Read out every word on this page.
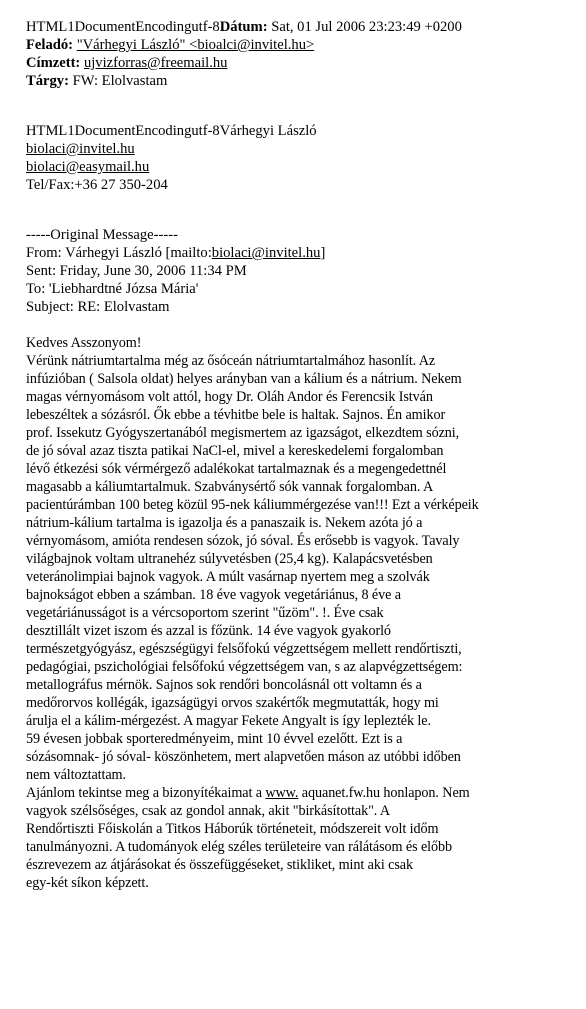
HTML1DocumentEncodingutf-8Dátum: Sat, 01 Jul 2006 23:23:49 +0200
Feladó: "Várhegyi László" <bioalci@invitel.hu>
Címzett: ujvizforras@freemail.hu
Tárgy: FW: Elolvastam
HTML1DocumentEncodingutf-8Várhegyi László
biolaci@invitel.hu
biolaci@easymail.hu
Tel/Fax:+36 27 350-204
-----Original Message-----
From: Várhegyi László [mailto:biolaci@invitel.hu]
Sent: Friday, June 30, 2006 11:34 PM
To: 'Liebhardtné Józsa Mária'
Subject: RE: Elolvastam
Kedves Asszonyom!
Vérünk nátriumtartalma még az ősóceán nátriumtartalmához hasonlít. Az
infúzióban ( Salsola oldat) helyes arányban van a kálium és a nátrium. Nekem
magas vérnyomásom volt attól, hogy Dr. Oláh Andor és Ferencsik István
lebeszéltek a sózásról. Ők ebbe a tévhitbe bele is haltak. Sajnos. Én amikor
prof. Issekutz Gyógyszertanából megismertem az igazságot, elkezdtem sózni,
de jó sóval azaz tiszta patikai NaCl-el, mivel a kereskedelemi forgalomban
lévő étkezési sók vérmérgező adalékokat tartalmaznak és a megengedettnél
magasabb a káliumtartalmuk. Szabványsértő sók vannak forgalomban. A
pacientúrámban 100 beteg közül 95-nek káliummérgezése van!!! Ezt a vérképeik
nátrium-kálium tartalma is igazolja és a panaszaik is. Nekem azóta jó a
vérnyomásom, amióta rendesen sózok, jó sóval. És erősebb is vagyok. Tavaly
világbajnok voltam ultranehéz súlyvetésben (25,4 kg). Kalapácsvetésben
veteránolimpiai bajnok vagyok. A múlt vasárnap nyertem meg a szolvák
bajnokságot ebben a számban. 18 éve vagyok vegetáriánus, 8 éve a
vegetáriánusságot is a vércsoportom szerint "űzöm". !. Éve csak
desztillált vizet iszom és azzal is főzünk. 14 éve vagyok gyakorló
természetgyógyász, egészségügyi felsőfokú végzettségem mellett rendőrtiszti,
pedagógiai, pszichológiai felsőfokú végzettségem van, s az alapvégzettségem:
metallográfus mérnök. Sajnos sok rendőri boncolásnál ott voltamn és a
medőrorvos kollégák, igazságügyi orvos szakértők megmutatták, hogy mi
árulja el a kálim-mérgezést. A magyar Fekete Angyalt is így leplezték le.
59 évesen jobbak sporteredményeim, mint 10 évvel ezelőtt. Ezt is a
sózásomnak- jó sóval- köszönhetem, mert alapvetően máson az utóbbi időben
nem változtattam.
Ajánlom tekintse meg a bizonyítékaimat a www. aquanet.fw.hu honlapon. Nem
vagyok szélsőséges, csak az gondol annak, akit "birkásítottak". A
Rendőrtiszti Főiskolán a Titkos Háborúk történeteit, módszereit volt időm
tanulmányozni. A tudományok elég széles területeire van rálátásom és előbb
észrevezem az átjárásokat és összefüggéseket, stikliket, mint aki csak
egy-két síkon képzett.
